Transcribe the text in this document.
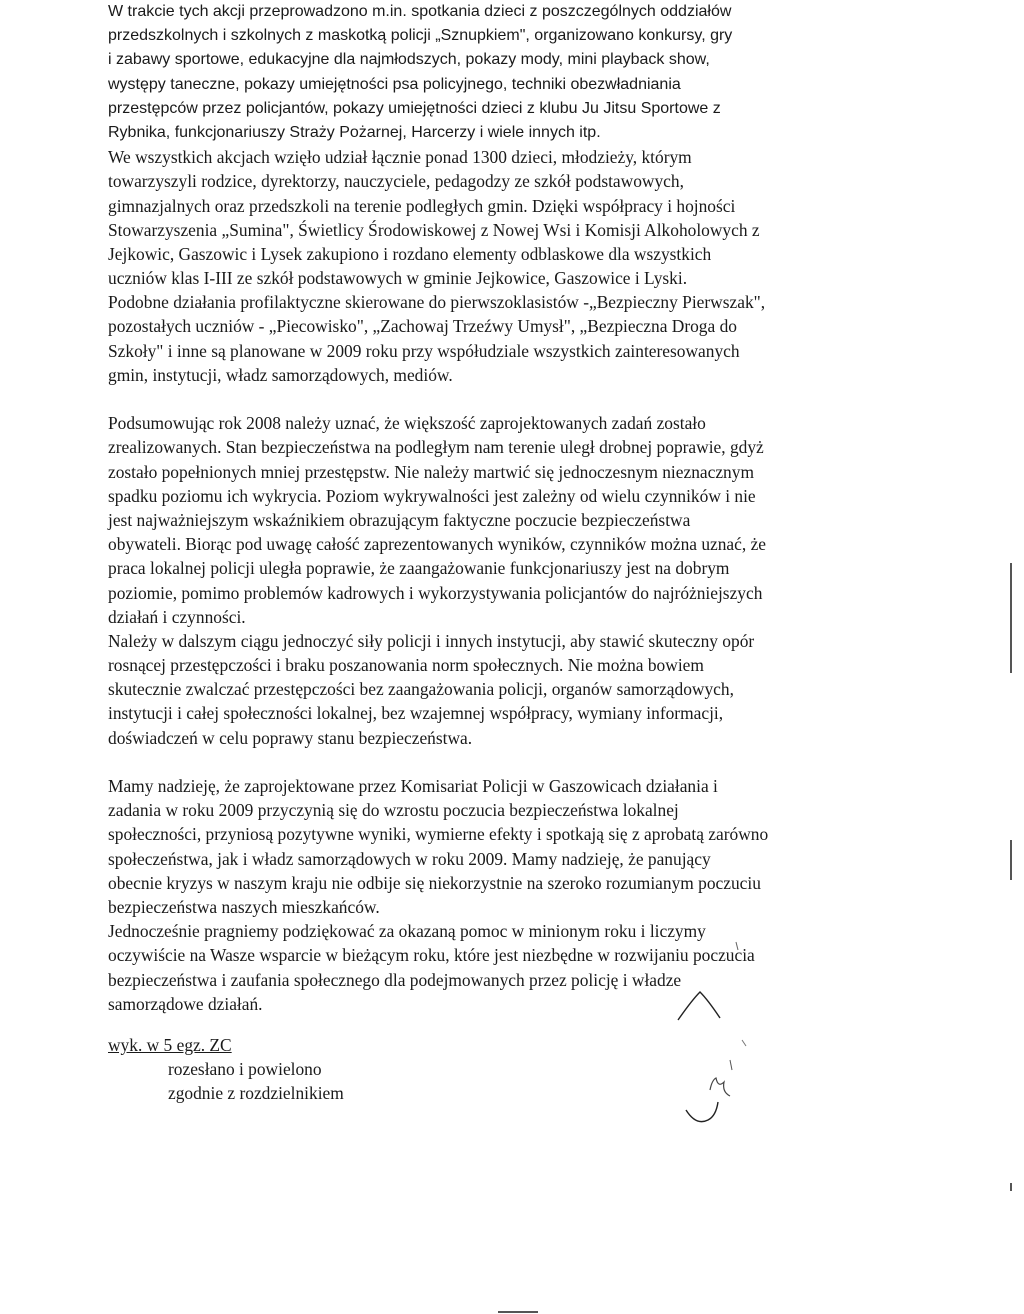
W trakcie tych akcji przeprowadzono m.in. spotkania dzieci z poszczególnych oddziałów
przedszkolnych i szkolnych z maskotką policji „Sznupkiem", organizowano konkursy, gry
i zabawy sportowe, edukacyjne dla najmłodszych, pokazy mody, mini playback show,
występy taneczne, pokazy umiejętności psa policyjnego, techniki obezwładniania
przestępców przez policjantów, pokazy umiejętności dzieci z klubu Ju Jitsu Sportowe z
Rybnika, funkcjonariuszy Straży Pożarnej, Harcerzy i wiele innych itp.
We wszystkich akcjach wzięło udział łącznie ponad 1300 dzieci, młodzieży, którym
towarzyszyli rodzice, dyrektorzy, nauczyciele, pedagodzy ze szkół podstawowych,
gimnazjalnych oraz przedszkoli na terenie podległych gmin. Dzięki współpracy i hojności
Stowarzyszenia „Sumina", Świetlicy Środowiskowej z Nowej Wsi i Komisji Alkoholowych z
Jejkowic, Gaszowic i Lysek zakupiono i rozdano elementy odblaskowe dla wszystkich
uczniów klas I-III ze szkół podstawowych w gminie Jejkowice, Gaszowice i Lyski.
Podobne działania profilaktyczne skierowane do pierwszoklasistów -„Bezpieczny Pierwszak",
pozostałych uczniów - „Piecowisko", „Zachowaj Trzeźwy Umysł", „Bezpieczna Droga do
Szkoły" i inne są planowane w 2009 roku przy współudziale wszystkich zainteresowanych
gmin, instytucji, władz samorządowych, mediów.
Podsumowując rok 2008 należy uznać, że większość zaprojektowanych zadań zostało
zrealizowanych. Stan bezpieczeństwa na podległym nam terenie uległ drobnej poprawie, gdyż
zostało popełnionych mniej przestępstw. Nie należy martwić się jednoczesnym nieznacznym
spadku poziomu ich wykrycia. Poziom wykrywalności jest zależny od wielu czynników i nie
jest najważniejszym wskaźnikiem obrazującym faktyczne poczucie bezpieczeństwa
obywateli. Biorąc pod uwagę całość zaprezentowanych wyników, czynników można uznać, że
praca lokalnej policji uległa poprawie, że zaangażowanie funkcjonariuszy jest na dobrym
poziomie, pomimo problemów kadrowych i wykorzystywania policjantów do najróżniejszych
działań i czynności.
Należy w dalszym ciągu jednoczyć siły policji i innych instytucji, aby stawić skuteczny opór
rosnącej przestępczości i braku poszanowania norm społecznych. Nie można bowiem
skutecznie zwalczać przestępczości bez zaangażowania policji, organów samorządowych,
instytucji i całej społeczności lokalnej, bez wzajemnej współpracy, wymiany informacji,
doświadczeń w celu poprawy stanu bezpieczeństwa.
Mamy nadzieję, że zaprojektowane przez Komisariat Policji w Gaszowicach działania i
zadania w roku 2009 przyczynią się do wzrostu poczucia bezpieczeństwa lokalnej
społeczności, przyniosą pozytywne wyniki, wymierne efekty i spotkają się z aprobatą zarówno
społeczeństwa, jak i władz samorządowych w roku 2009. Mamy nadzieję, że panujący
obecnie kryzys w naszym kraju nie odbije się niekorzystnie na szeroko rozumianym poczuciu
bezpieczeństwa naszych mieszkańców.
Jednocześnie pragniemy podziękować za okazaną pomoc w minionym roku i liczymy
oczywiście na Wasze wsparcie w bieżącym roku, które jest niezbędne w rozwijaniu poczucia
bezpieczeństwa i zaufania społecznego dla podejmowanych przez policję i władze
samorządowe działań.
wyk. w 5 egz. ZC
rozesłano i powielono
zgodnie z rozdzielnikiem
